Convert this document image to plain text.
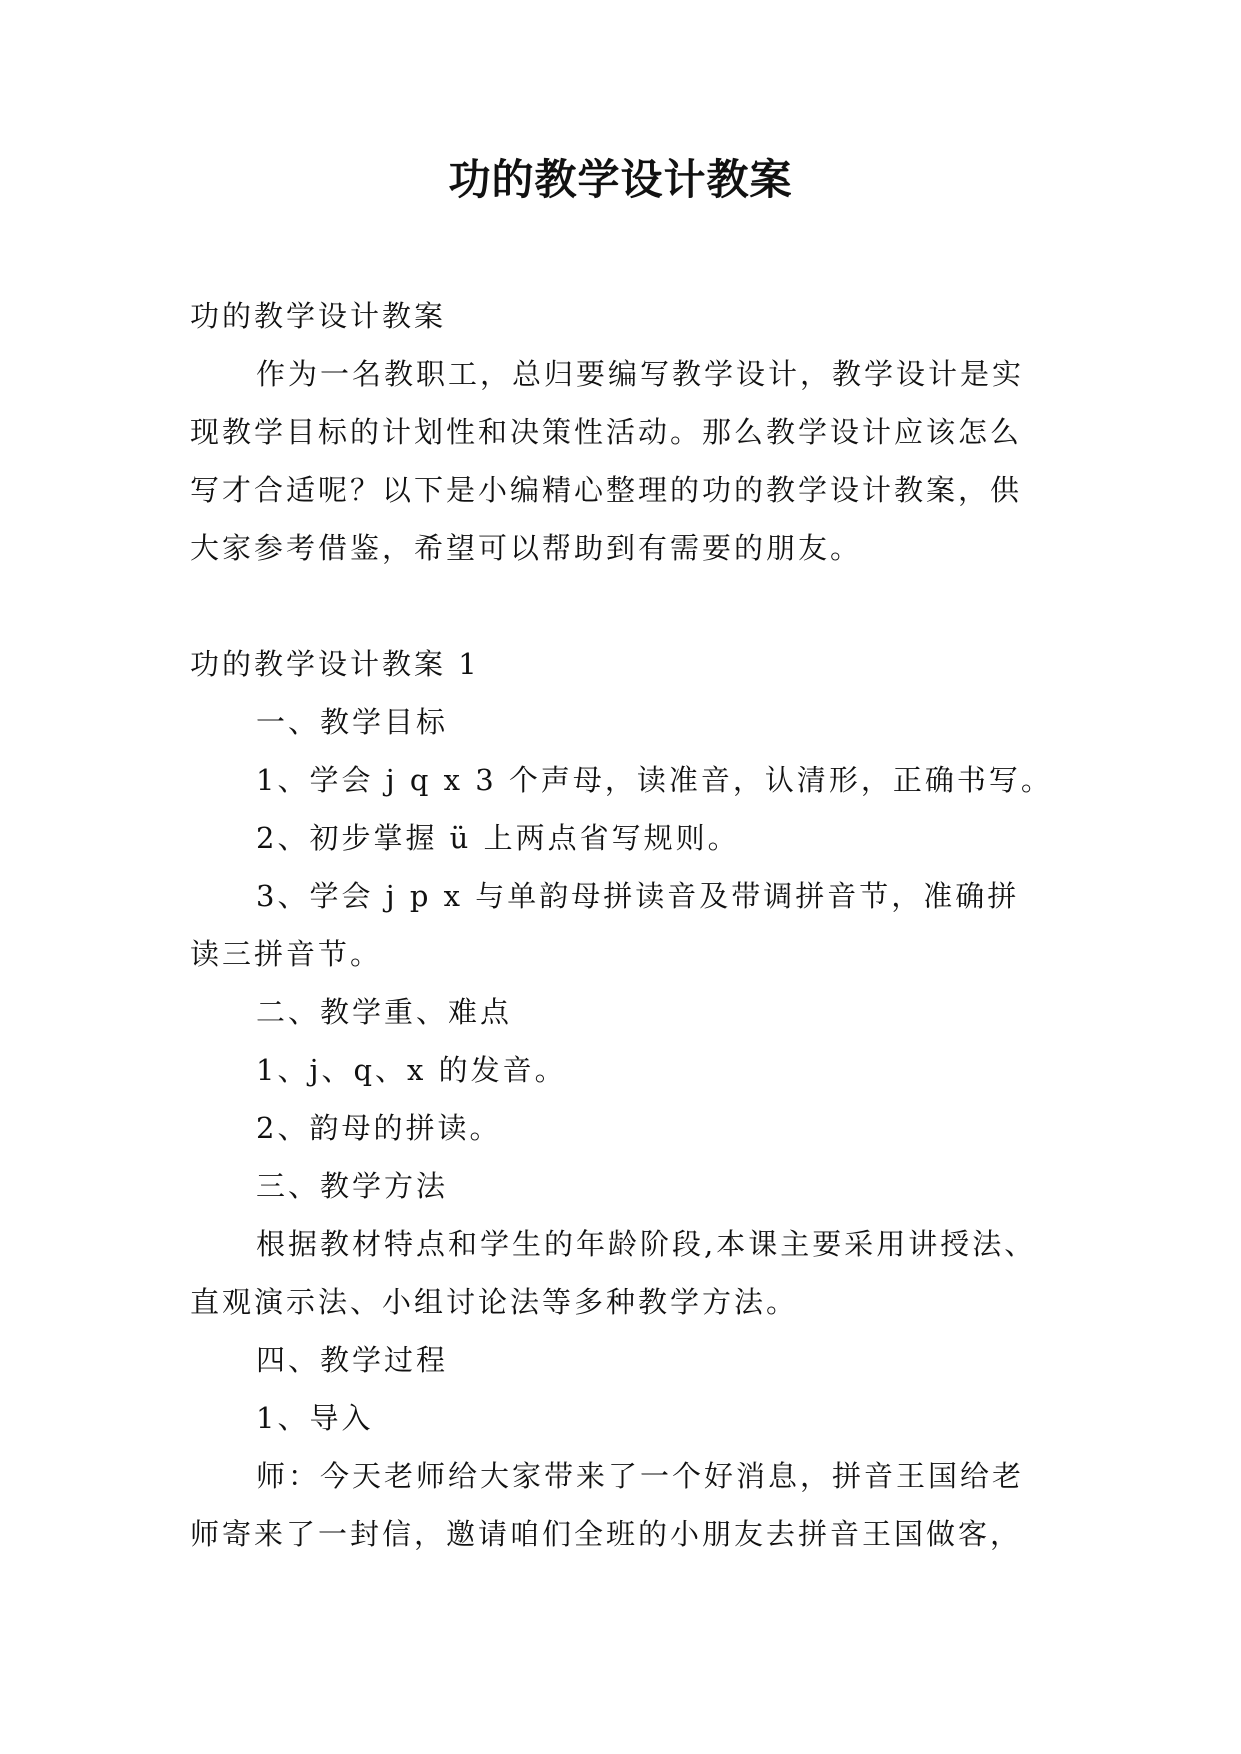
功的教学设计教案
功的教学设计教案
作为一名教职工，总归要编写教学设计，教学设计是实
现教学目标的计划性和决策性活动。那么教学设计应该怎么
写才合适呢？以下是小编精心整理的功的教学设计教案，供
大家参考借鉴，希望可以帮助到有需要的朋友。
功的教学设计教案 1
一、教学目标
1、学会 j q x 3 个声母，读准音，认清形，正确书写。
2、初步掌握 ü 上两点省写规则。
3、学会 j p x 与单韵母拼读音及带调拼音节，准确拼
读三拼音节。
二、教学重、难点
1、j、q、x 的发音。
2、韵母的拼读。
三、教学方法
根据教材特点和学生的年龄阶段,本课主要采用讲授法、
直观演示法、小组讨论法等多种教学方法。
四、教学过程
1、导入
师：今天老师给大家带来了一个好消息，拼音王国给老
师寄来了一封信，邀请咱们全班的小朋友去拼音王国做客，
